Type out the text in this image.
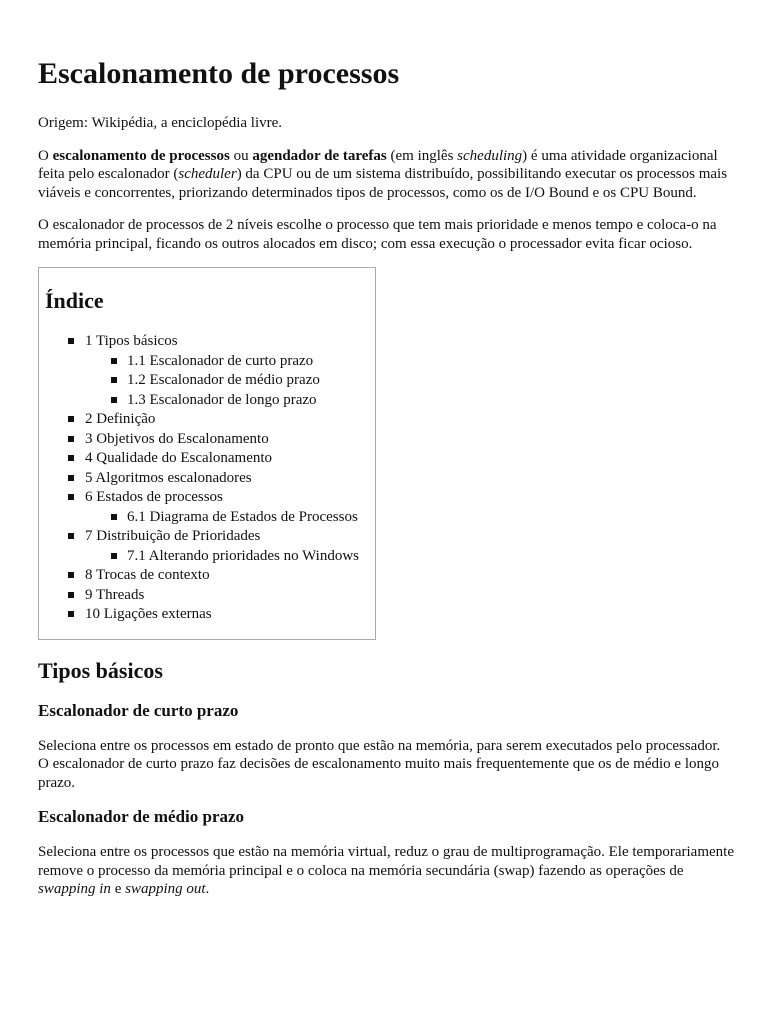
Escalonamento de processos

Origem: Wikipédia, a enciclopédia livre.

O escalonamento de processos ou agendador de tarefas (em inglês scheduling) é uma atividade organizacional feita pelo escalonador (scheduler) da CPU ou de um sistema distribuído, possibilitando executar os processos mais viáveis e concorrentes, priorizando determinados tipos de processos, como os de I/O Bound e os CPU Bound.

O escalonador de processos de 2 níveis escolhe o processo que tem mais prioridade e menos tempo e coloca-o na memória principal, ficando os outros alocados em disco; com essa execução o processador evita ficar ocioso.

Índice
1 Tipos básicos
1.1 Escalonador de curto prazo
1.2 Escalonador de médio prazo
1.3 Escalonador de longo prazo
2 Definição
3 Objetivos do Escalonamento
4 Qualidade do Escalonamento
5 Algoritmos escalonadores
6 Estados de processos
6.1 Diagrama de Estados de Processos
7 Distribuição de Prioridades
7.1 Alterando prioridades no Windows
8 Trocas de contexto
9 Threads
10 Ligações externas
Tipos básicos
Escalonador de curto prazo

Seleciona entre os processos em estado de pronto que estão na memória, para serem executados pelo processador. O escalonador de curto prazo faz decisões de escalonamento muito mais frequentemente que os de médio e longo prazo.

Escalonador de médio prazo

Seleciona entre os processos que estão na memória virtual, reduz o grau de multiprogramação. Ele temporariamente remove o processo da memória principal e o coloca na memória secundária (swap) fazendo as operações de swapping in e swapping out.
